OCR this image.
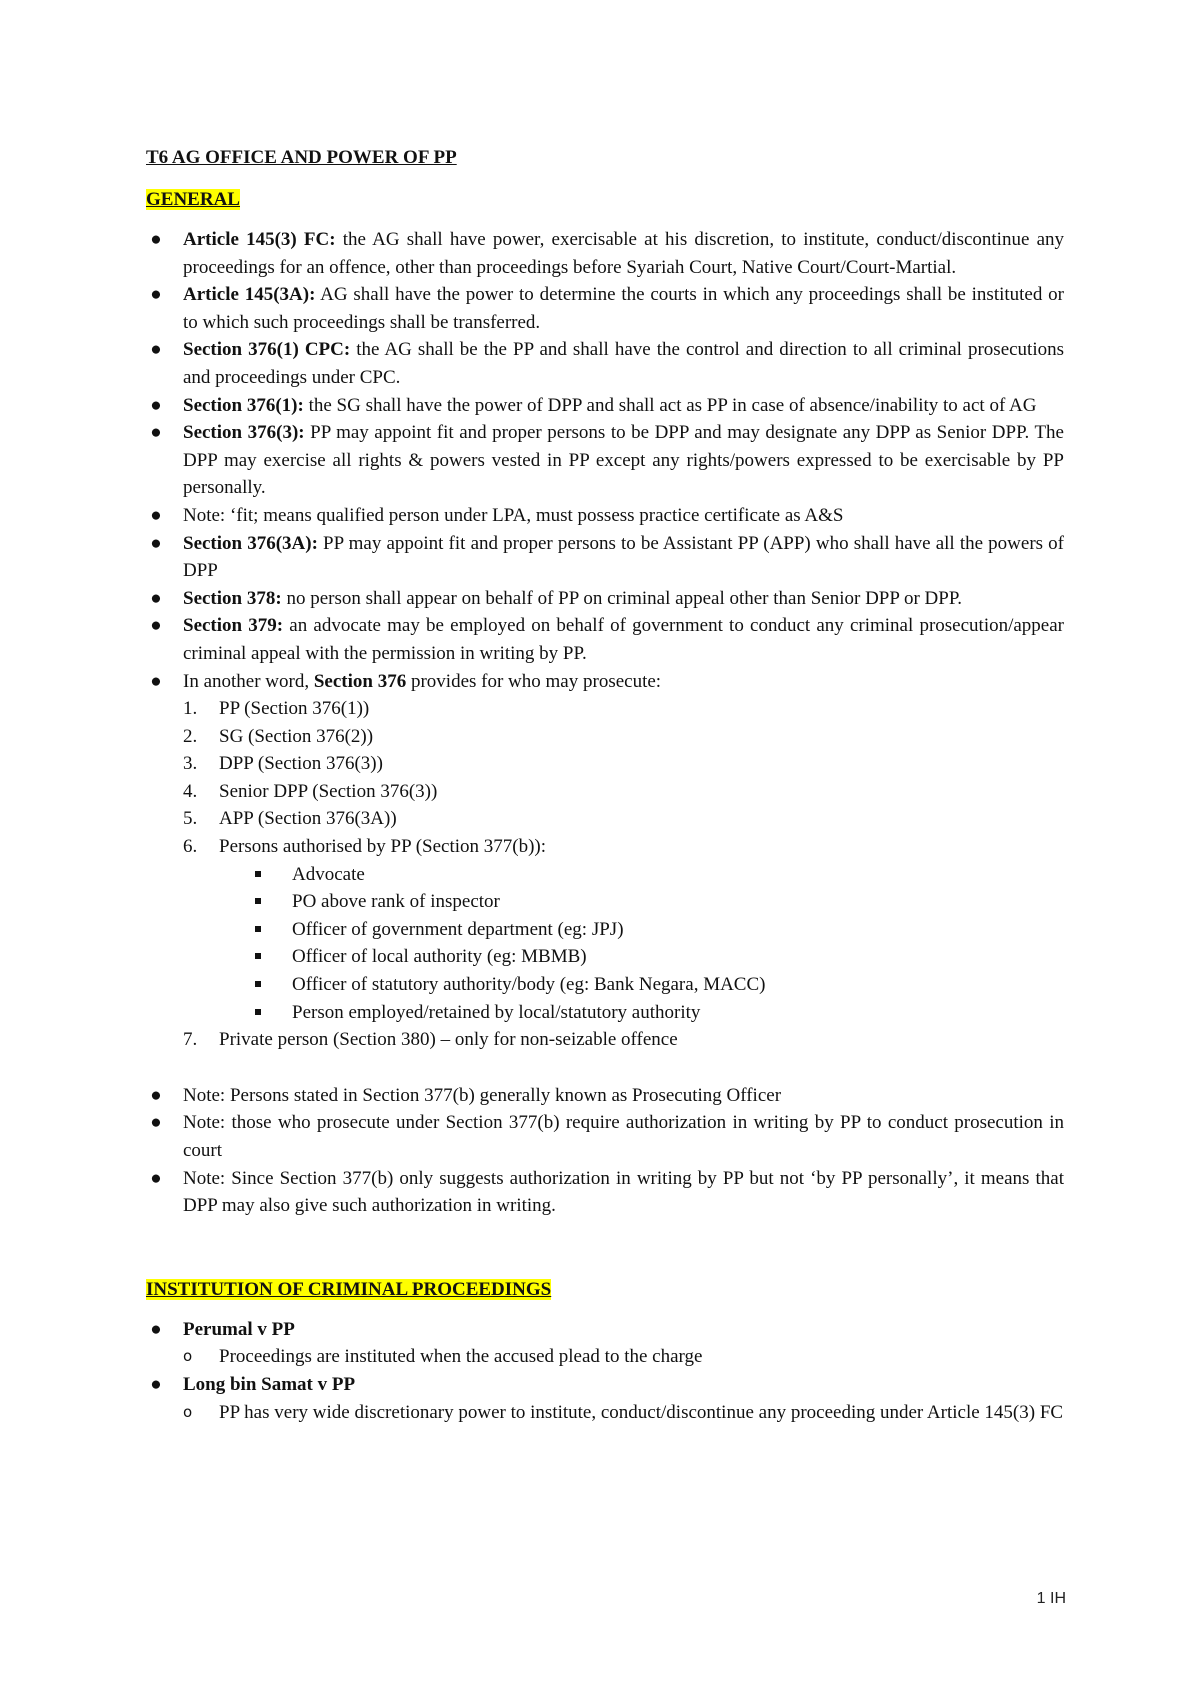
T6 AG OFFICE AND POWER OF PP
GENERAL
● Article 145(3) FC: the AG shall have power, exercisable at his discretion, to institute, conduct/discontinue any proceedings for an offence, other than proceedings before Syariah Court, Native Court/Court-Martial.
● Article 145(3A): AG shall have the power to determine the courts in which any proceedings shall be instituted or to which such proceedings shall be transferred.
● Section 376(1) CPC: the AG shall be the PP and shall have the control and direction to all criminal prosecutions and proceedings under CPC.
● Section 376(1): the SG shall have the power of DPP and shall act as PP in case of absence/inability to act of AG
● Section 376(3): PP may appoint fit and proper persons to be DPP and may designate any DPP as Senior DPP. The DPP may exercise all rights & powers vested in PP except any rights/powers expressed to be exercisable by PP personally.
● Note: ‘fit; means qualified person under LPA, must possess practice certificate as A&S
● Section 376(3A): PP may appoint fit and proper persons to be Assistant PP (APP) who shall have all the powers of DPP
● Section 378: no person shall appear on behalf of PP on criminal appeal other than Senior DPP or DPP.
● Section 379: an advocate may be employed on behalf of government to conduct any criminal prosecution/appear criminal appeal with the permission in writing by PP.
● In another word, Section 376 provides for who may prosecute:
1.	PP (Section 376(1))
2.	SG (Section 376(2))
3.	DPP (Section 376(3))
4.	Senior DPP (Section 376(3))
5.	APP (Section 376(3A))
6.	Persons authorised by PP (Section 377(b)):
Advocate
PO above rank of inspector
Officer of government department (eg: JPJ)
Officer of local authority (eg: MBMB)
Officer of statutory authority/body (eg: Bank Negara, MACC)
Person employed/retained by local/statutory authority
7.	Private person (Section 380) – only for non-seizable offence
● Note: Persons stated in Section 377(b) generally known as Prosecuting Officer
● Note: those who prosecute under Section 377(b) require authorization in writing by PP to conduct prosecution in court
● Note: Since Section 377(b) only suggests authorization in writing by PP but not ‘by PP personally’, it means that DPP may also give such authorization in writing.
INSTITUTION OF CRIMINAL PROCEEDINGS
● Perumal v PP
o Proceedings are instituted when the accused plead to the charge
● Long bin Samat v PP
o PP has very wide discretionary power to institute, conduct/discontinue any proceeding under Article 145(3) FC
1 IH
